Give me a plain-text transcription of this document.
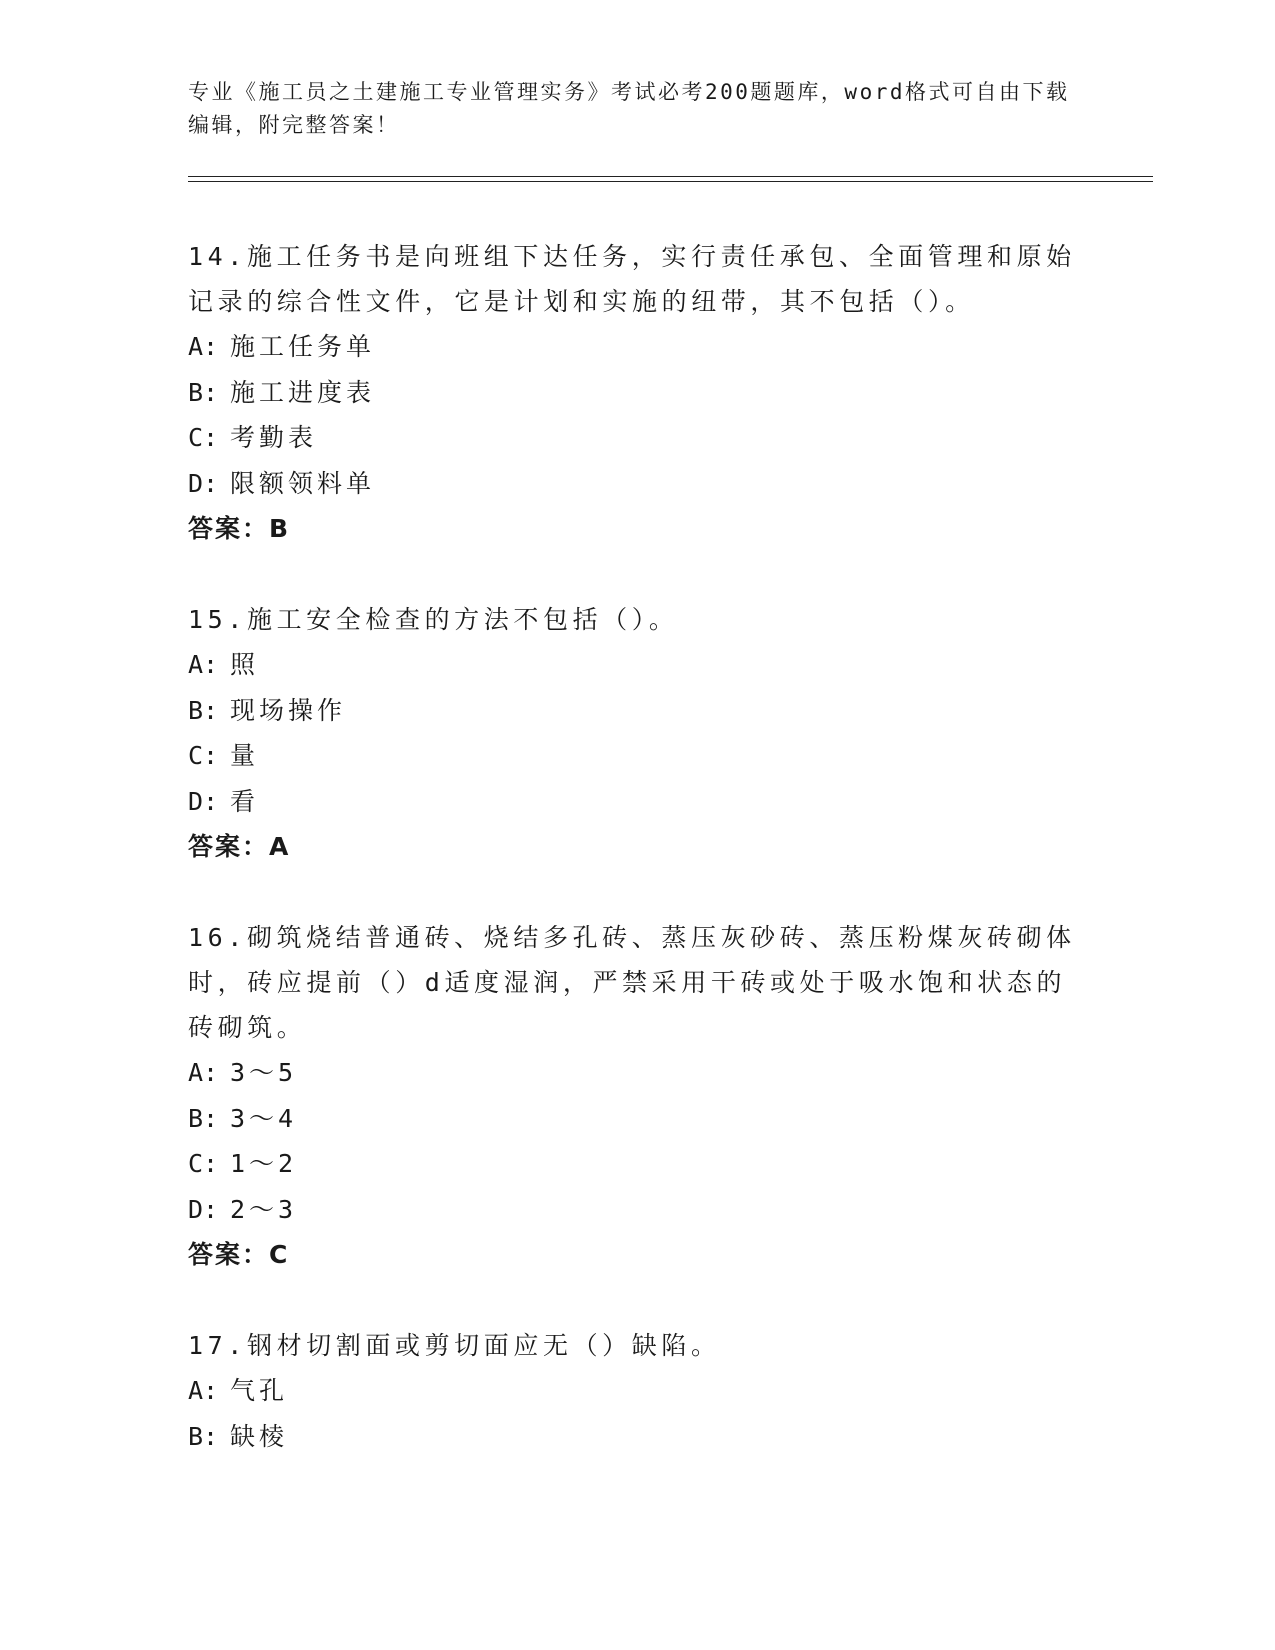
专业《施工员之土建施工专业管理实务》考试必考200题题库，word格式可自由下载编辑，附完整答案！
14.施工任务书是向班组下达任务，实行责任承包、全面管理和原始记录的综合性文件，它是计划和实施的纽带，其不包括（）。
A: 施工任务单
B: 施工进度表
C: 考勤表
D: 限额领料单
答案：B
15.施工安全检查的方法不包括（）。
A: 照
B: 现场操作
C: 量
D: 看
答案：A
16.砌筑烧结普通砖、烧结多孔砖、蒸压灰砂砖、蒸压粉煤灰砖砌体时，砖应提前（）d适度湿润，严禁采用干砖或处于吸水饱和状态的砖砌筑。
A: 3～5
B: 3～4
C: 1～2
D: 2～3
答案：C
17.钢材切割面或剪切面应无（）缺陷。
A: 气孔
B: 缺棱
